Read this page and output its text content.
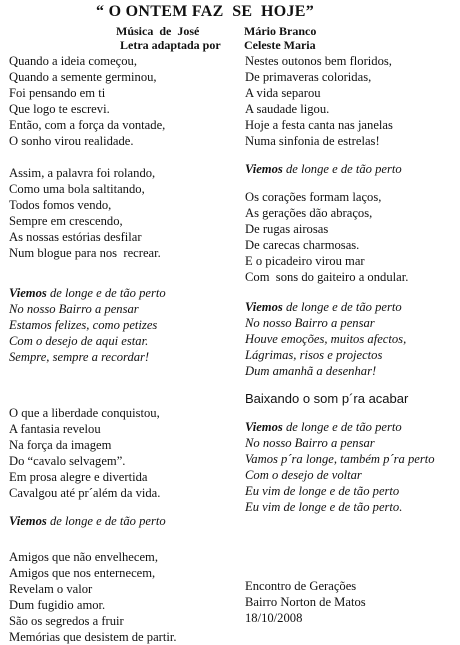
“ O ONTEM FAZ  SE  HOJE”
Música  de  José	Mário Branco
Letra adaptada por Celeste Maria

Quando a ideia começou,

Quando a semente germinou,

Foi pensando em ti

Que logo te escrevi.

Então, com a força da vontade,

O sonho virou realidade.

Assim, a palavra foi rolando,

Como uma bola saltitando,

Todos fomos vendo,

Sempre em crescendo,

As nossas estórias desfilar

Num blogue para nos  recrear.

Viemos de longe e de tão perto

No nosso Bairro a pensar

Estamos felizes, como petizes

Com o desejo de aqui estar.

Sempre, sempre a recordar!

O que a liberdade conquistou,

A fantasia revelou

Na força da imagem

Do “cavalo selvagem”.

Em prosa alegre e divertida

Cavalgou até pr´além da vida.

Viemos de longe e de tão perto

Amigos que não envelhecem,

Amigos que nos enternecem,

Revelam o valor

Dum fugidio amor.

São os segredos a fruir

Memórias que desistem de partir.

Nestes outonos bem floridos,

De primaveras coloridas,

A vida separou

A saudade ligou.

Hoje a festa canta nas janelas

Numa sinfonia de estrelas!

Viemos de longe e de tão perto

Os corações formam laços,

As gerações dão abraços,

De rugas airosas

De carecas charmosas.

E o picadeiro virou mar

Com  sons do gaiteiro a ondular.

Viemos de longe e de tão perto

No nosso Bairro a pensar

Houve emoções, muitos afectos,

Lágrimas, risos e projectos

Dum amanhã a desenhar!

Baixando o som p´ra acabar

Viemos de longe e de tão perto

No nosso Bairro a pensar

Vamos p´ra longe, também p´ra perto

Com o desejo de voltar

Eu vim de longe e de tão perto

Eu vim de longe e de tão perto.

Encontro de Gerações

Bairro Norton de Matos

18/10/2008
